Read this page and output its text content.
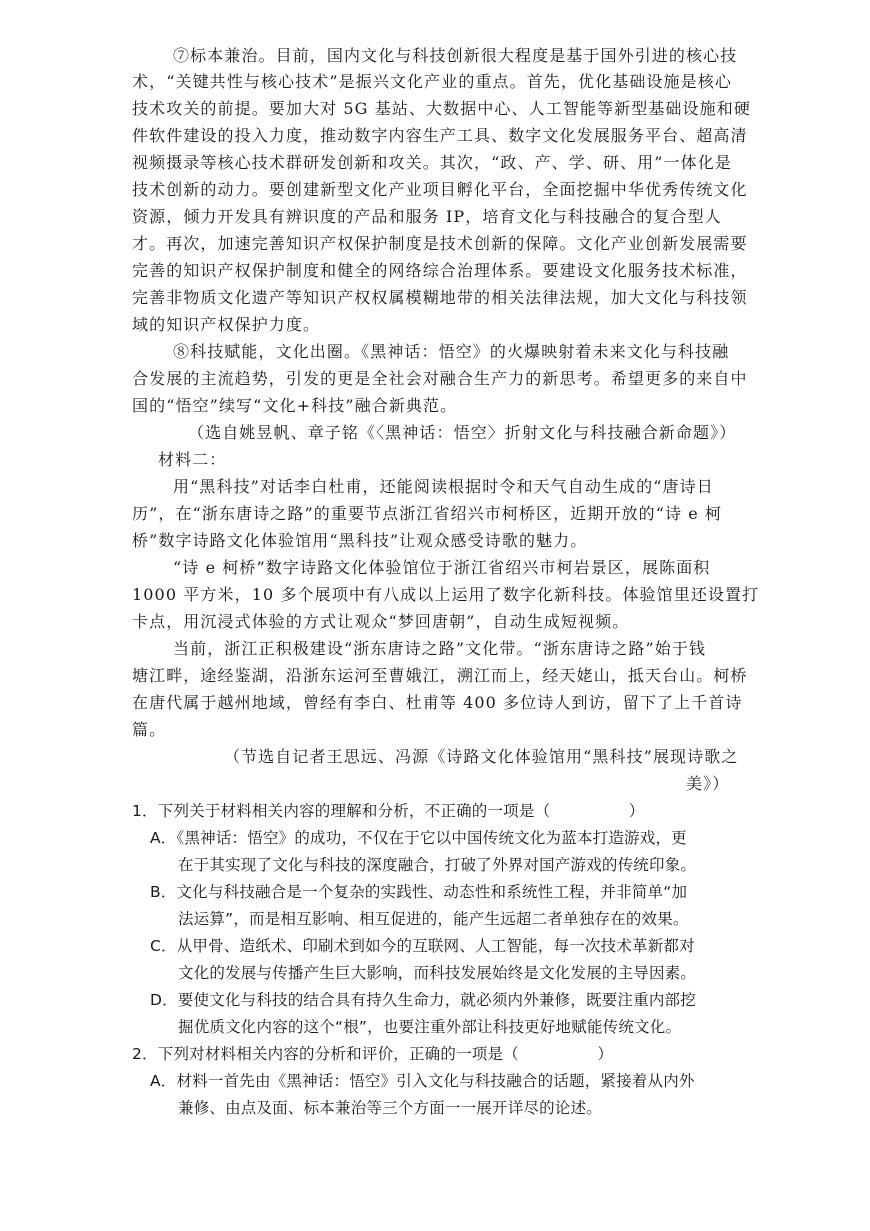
⑦标本兼治。目前，国内文化与科技创新很大程度是基于国外引进的核心技
术，“关键共性与核心技术”是振兴文化产业的重点。首先，优化基础设施是核心
技术攻关的前提。要加大对 5G 基站、大数据中心、人工智能等新型基础设施和硬
件软件建设的投入力度，推动数字内容生产工具、数字文化发展服务平台、超高清
视频摄录等核心技术群研发创新和攻关。其次，“政、产、学、研、用”一体化是
技术创新的动力。要创建新型文化产业项目孵化平台，全面挖掘中华优秀传统文化
资源，倾力开发具有辨识度的产品和服务 IP，培育文化与科技融合的复合型人
才。再次，加速完善知识产权保护制度是技术创新的保障。文化产业创新发展需要
完善的知识产权保护制度和健全的网络综合治理体系。要建设文化服务技术标准，
完善非物质文化遗产等知识产权权属模糊地带的相关法律法规，加大文化与科技领
域的知识产权保护力度。
⑧科技赋能，文化出圈。《黑神话：悟空》的火爆映射着未来文化与科技融
合发展的主流趋势，引发的更是全社会对融合生产力的新思考。希望更多的来自中
国的“悟空”续写“文化+科技”融合新典范。
（选自姚昱帆、章子铭《〈黑神话：悟空〉折射文化与科技融合新命题》）
材料二：
用“黑科技”对话李白杜甫，还能阅读根据时令和天气自动生成的“唐诗日
历”，在“浙东唐诗之路”的重要节点浙江省绍兴市柯桥区，近期开放的“诗 e 柯
桥”数字诗路文化体验馆用“黑科技”让观众感受诗歌的魅力。
“诗 e 柯桥”数字诗路文化体验馆位于浙江省绍兴市柯岩景区，展陈面积
1000 平方米，10 多个展项中有八成以上运用了数字化新科技。体验馆里还设置打
卡点，用沉浸式体验的方式让观众“梦回唐朝”，自动生成短视频。
当前，浙江正积极建设“浙东唐诗之路”文化带。“浙东唐诗之路”始于钱
塘江畔，途经鉴湖，沿浙东运河至曹娥江，溯江而上，经天姥山，抵天台山。柯桥
在唐代属于越州地域，曾经有李白、杜甫等 400 多位诗人到访，留下了上千首诗
篇。
（节选自记者王思远、冯源《诗路文化体验馆用“黑科技”展现诗歌之
美》）
1．下列关于材料相关内容的理解和分析，不正确的一项是（　　　　　）
A．《黑神话：悟空》的成功，不仅在于它以中国传统文化为蓝本打造游戏，更
在于其实现了文化与科技的深度融合，打破了外界对国产游戏的传统印象。
B．文化与科技融合是一个复杂的实践性、动态性和系统性工程，并非简单“加
法运算”，而是相互影响、相互促进的，能产生远超二者单独存在的效果。
C．从甲骨、造纸术、印刷术到如今的互联网、人工智能，每一次技术革新都对
文化的发展与传播产生巨大影响，而科技发展始终是文化发展的主导因素。
D．要使文化与科技的结合具有持久生命力，就必须内外兼修，既要注重内部挖
掘优质文化内容的这个“根”，也要注重外部让科技更好地赋能传统文化。
2．下列对材料相关内容的分析和评价，正确的一项是（　　　　　）
A．材料一首先由《黑神话：悟空》引入文化与科技融合的话题，紧接着从内外
兼修、由点及面、标本兼治等三个方面一一展开详尽的论述。
